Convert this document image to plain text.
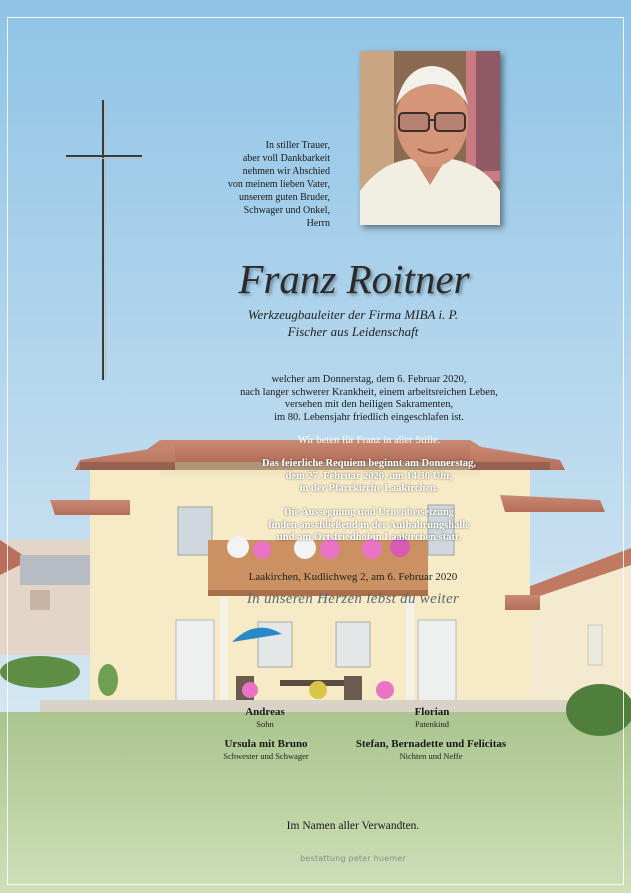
In stiller Trauer,
aber voll Dankbarkeit
nehmen wir Abschied
von meinem lieben Vater,
unserem guten Bruder,
Schwager und Onkel,
Herrn
Franz Roitner
Werkzeugbauleiter der Firma MIBA i. P.
Fischer aus Leidenschaft
welcher am Donnerstag, dem 6. Februar 2020,
nach langer schwerer Krankheit, einem arbeitsreichen Leben,
versehen mit den heiligen Sakramenten,
im 80. Lebensjahr friedlich eingeschlafen ist.
Wir beten für Franz in aller Stille.
Das feierliche Requiem beginnt am Donnerstag,
dem 27. Februar 2020, um 14.30 Uhr,
in der Pfarrkirche Laakirchen.
Die Aussegnung und Urnenbeisetzung
finden anschließend in der Aufbahrungshalle
und am Ortsfriedhof in Laakirchen statt.
Laakirchen, Kudlichweg 2, am 6. Februar 2020
In unseren Herzen lebst du weiter
Andreas
Sohn
Florian
Patenkind
Ursula mit Bruno
Schwester und Schwager
Stefan, Bernadette und Felicitas
Nichten und Neffe
Im Namen aller Verwandten.
bestattung peter huemer
